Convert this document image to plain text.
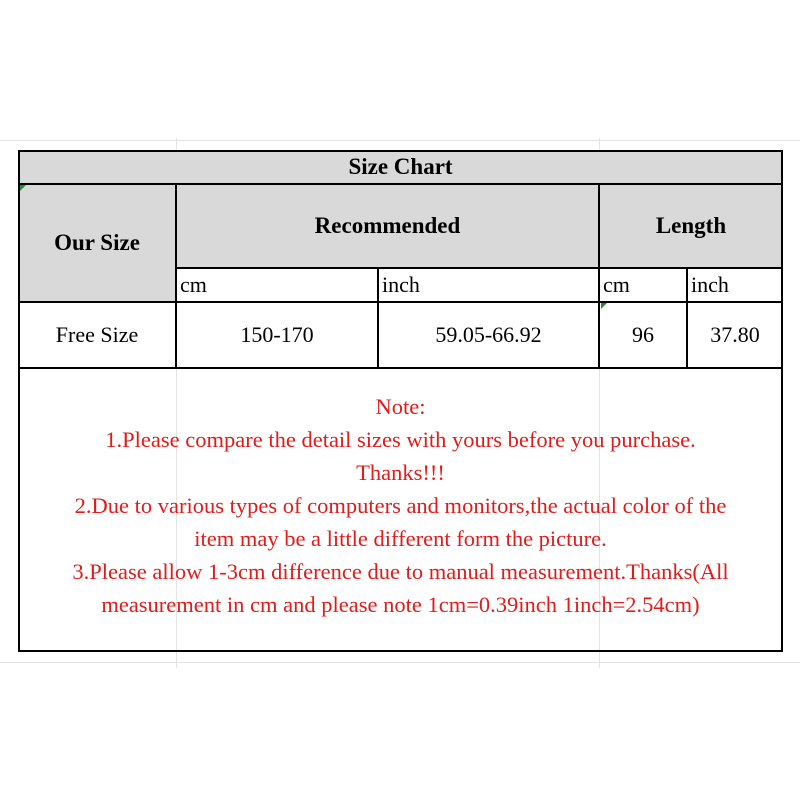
Size Chart
Our Size
Recommended	Length
cm	inch	cm	inch
Free Size	150-170	59.05-66.92	96	37.80
Note:
1.Please compare the detail sizes with yours before you purchase.
Thanks!!!
2.Due to various types of computers and monitors,the actual color of the
item may be a little different form the picture.
3.Please allow 1-3cm difference due to manual measurement.Thanks(All
measurement in cm and please note 1cm=0.39inch 1inch=2.54cm)
